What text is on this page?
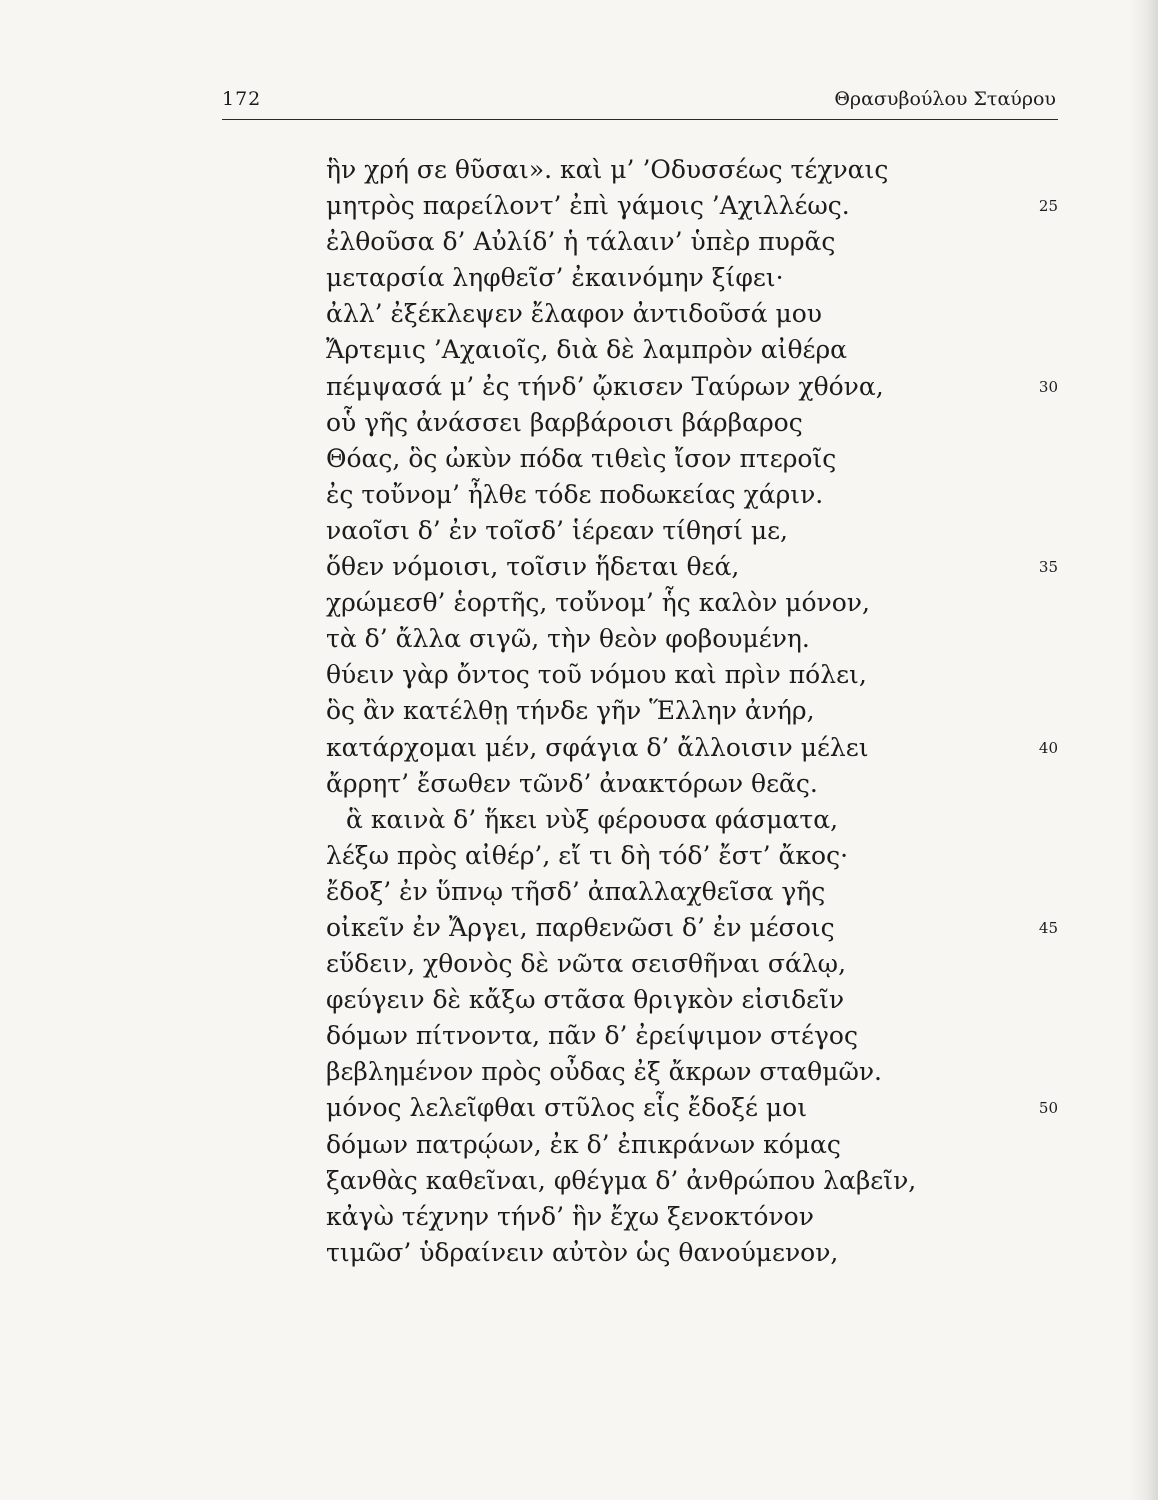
172	Θρασυβούλου Σταύρου
ἣν χρή σε θῦσαι». καὶ μ’ ’Οδυσσέως τέχναις
μητρὸς παρείλοντ’ ἐπὶ γάμοις ’Αχιλλέως.	25
ἐλθοῦσα δ’ Αὐλίδ’ ἡ τάλαιν’ ὑπὲρ πυρᾶς
μεταρσία ληφθεῖσ’ ἐκαινόμην ξίφει·
ἀλλ’ ἐξέκλεψεν ἔλαφον ἀντιδοῦσά μου
Ἄρτεμις ’Αχαιοῖς, διὰ δὲ λαμπρὸν αἰθέρα
πέμψασά μ’ ἐς τήνδ’ ᾤκισεν Ταύρων χθόνα,	30
οὗ γῆς ἀνάσσει βαρβάροισι βάρβαρος
Θόας, ὃς ὠκὺν πόδα τιθεὶς ἴσον πτεροῖς
ἐς τοὔνομ’ ἦλθε τόδε ποδωκείας χάριν.
ναοῖσι δ’ ἐν τοῖσδ’ ἱέρεαν τίθησί με,
ὅθεν νόμοισι, τοῖσιν ἥδεται θεά,	35
χρώμεσθ’ ἑορτῆς, τοὔνομ’ ἧς καλὸν μόνον,
τὰ δ’ ἄλλα σιγῶ, τὴν θεὸν φοβουμένη.
θύειν γὰρ ὄντος τοῦ νόμου καὶ πρὶν πόλει,
ὃς ἂν κατέλθῃ τήνδε γῆν Ἕλλην ἀνήρ,
κατάρχομαι μέν, σφάγια δ’ ἄλλοισιν μέλει	40
ἄρρητ’ ἔσωθεν τῶνδ’ ἀνακτόρων θεᾶς.
ἃ καινὰ δ’ ἥκει νὺξ φέρουσα φάσματα,
λέξω πρὸς αἰθέρ’, εἴ τι δὴ τόδ’ ἔστ’ ἄκος·
ἔδοξ’ ἐν ὕπνῳ τῆσδ’ ἀπαλλαχθεῖσα γῆς
οἰκεῖν ἐν Ἄργει, παρθενῶσι δ’ ἐν μέσοις	45
εὕδειν, χθονὸς δὲ νῶτα σεισθῆναι σάλῳ,
φεύγειν δὲ κἄξω στᾶσα θριγκὸν εἰσιδεῖν
δόμων πίτνοντα, πᾶν δ’ ἐρείψιμον στέγος
βεβλημένον πρὸς οὖδας ἐξ ἄκρων σταθμῶν.
μόνος λελεῖφθαι στῦλος εἷς ἔδοξέ μοι	50
δόμων πατρῴων, ἐκ δ’ ἐπικράνων κόμας
ξανθὰς καθεῖναι, φθέγμα δ’ ἀνθρώπου λαβεῖν,
κἀγὼ τέχνην τήνδ’ ἣν ἔχω ξενοκτόνον
τιμῶσ’ ὑδραίνειν αὐτὸν ὡς θανούμενον,
